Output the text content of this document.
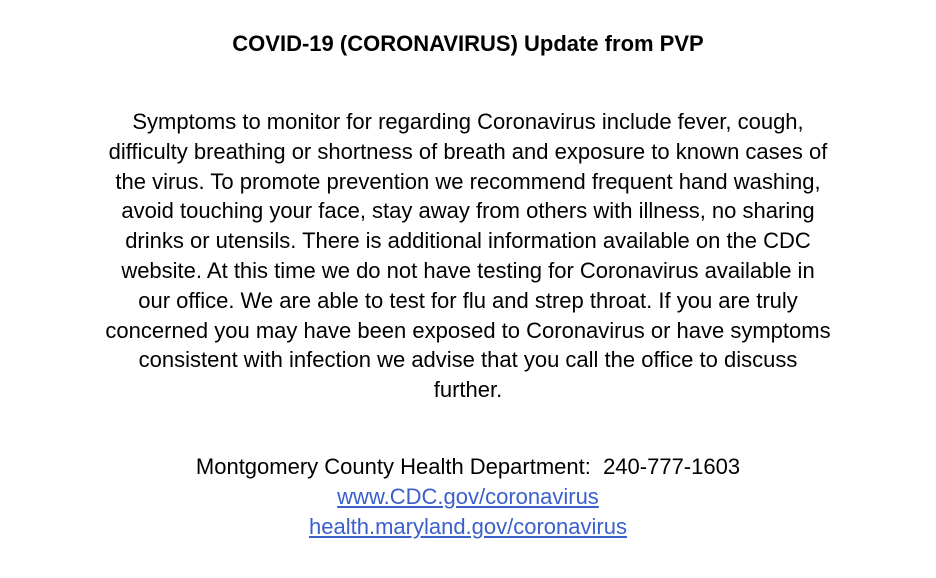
COVID-19 (CORONAVIRUS) Update from PVP

Symptoms to monitor for regarding Coronavirus include fever, cough,
difficulty breathing or shortness of breath and exposure to known cases of
the virus. To promote prevention we recommend frequent hand washing,
avoid touching your face, stay away from others with illness, no sharing
drinks or utensils. There is additional information available on the CDC
website. At this time we do not have testing for Coronavirus available in
our office. We are able to test for flu and strep throat. If you are truly
concerned you may have been exposed to Coronavirus or have symptoms
consistent with infection we advise that you call the office to discuss
further.

Montgomery County Health Department:  240-777-1603
www.CDC.gov/coronavirus
health.maryland.gov/coronavirus
